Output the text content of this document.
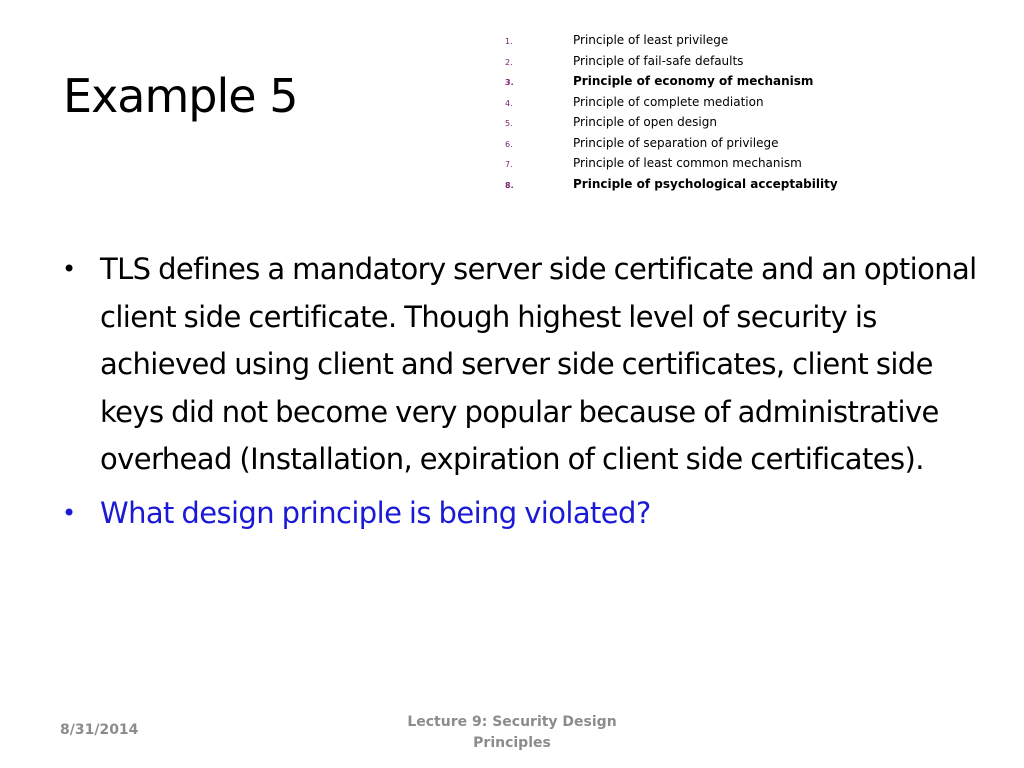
Example 5
1.	Principle of least privilege
2.	Principle of fail-safe defaults
3.	Principle of economy of mechanism
4.	Principle of complete mediation
5.	Principle of open design
6.	Principle of separation of privilege
7.	Principle of least common mechanism
8.	Principle of psychological acceptability
• TLS defines a mandatory server side certificate and an optional client side certificate. Though highest level of security is achieved using client and server side certificates, client side keys did not become very popular because of administrative overhead (Installation, expiration of client side certificates).
• What design principle is being violated?
8/31/2014	Lecture 9: Security Design
Principles
